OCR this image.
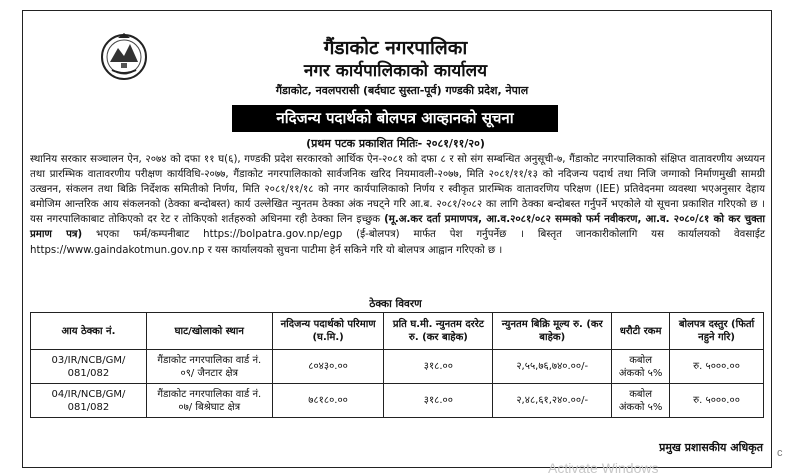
गैंडाकोट नगरपालिका
नगर कार्यपालिकाको कार्यालय
गैंडाकोट, नवलपरासी (बर्दघाट सुस्ता-पूर्व) गण्डकी प्रदेश, नेपाल
नदिजन्य पदार्थको बोलपत्र आव्हानको सूचना
(प्रथम पटक प्रकाशित मितिः- २०८१/११/२०)
स्थानिय सरकार सञ्चालन ऐन, २०७४ को दफा ११ घ(६), गण्डकी प्रदेश सरकारको आर्थिक ऐन-२०८१ को दफा ८ र सो संग सम्बन्धित अनुसूची-७, गैंडाकोट नगरपालिकाको संक्षिप्त वातावरणीय अध्ययन तथा प्रारम्भिक वातावरणीय परीक्षण कार्यविधि-२०७७, गैंडाकोट नगरपालिकाको सार्वजनिक खरिद नियमावली-२०७७, मिति २०८१/११/१३ को नदिजन्य पदार्थ तथा निजि जग्गाको निर्माणमुखी सामग्री उत्खनन, संकलन तथा बिक्रि निर्देशक समितीको निर्णय, मिति २०८१/११/१८ को नगर कार्यपालिकाको निर्णय र स्वीकृत प्रारम्भिक वातावरणिय परिक्षण (IEE) प्रतिवेदनमा व्यवस्था भएअनुसार देहाय बमोजिम आन्तरिक आय संकलनको (ठेक्का बन्दोबस्त) कार्य उल्लेखित न्युनतम ठेक्का अंक नघट्ने गरि आ.ब. २०८१/२०८२ का लागि ठेक्का बन्दोबस्त गर्नुपर्ने भएकोले यो सूचना प्रकाशित गरिएको छ । यस नगरपालिकाबाट तोकिएको दर रेट र तोकिएको शर्तहरुको अधिनमा रही ठेक्का लिन इच्छुक (मू.अ.कर दर्ता प्रमाणपत्र, आ.व.२०८१/०८२ सम्मको फर्म नवीकरण, आ.व. २०८०/८१ को कर चुक्ता प्रमाण पत्र) भएका फर्म/कम्पनीबाट https://bolpatra.gov.np/egp (ई-बोलपत्र) मार्फत पेश गर्नुपर्नेछ । बिस्तृत जानकारीकोलागि यस कार्यालयको वेवसाईट https://www.gaindakotmun.gov.np र यस कार्यालयको सुचना पाटीमा हेर्न सकिने गरि यो बोलपत्र आह्वान गरिएको छ ।
ठेक्का विवरण
आय ठेक्का नं.	घाट/खोलाको स्थान	नदिजन्य पदार्थको परिमाण (घ.मि.)	प्रति घ.मी. न्युनतम दररेट रु. (कर बाहेक)	न्युनतम बिक्रि मूल्य रु. (कर बाहेक)	धरौटी रकम	बोलपत्र दस्तुर (फिर्ता नहुने गरि)
03/IR/NCB/GM/ 081/082	गैंडाकोट नगरपालिका वार्ड नं. ०९/ जैनटार क्षेत्र	८०४३०.००	३१८.००	२,५५,७६,७४०.००/-	कबोल अंकको ५%	रु. ५०००.००
04/IR/NCB/GM/ 081/082	गैंडाकोट नगरपालिका वार्ड नं. ०७/ बिश्रेघाट क्षेत्र	७८१८०.००	३१८.००	२,४८,६१,२४०.००/-	कबोल अंकको ५%	रु. ५०००.००
प्रमुख प्रशासकीय अधिकृत
Activate Windows
c
